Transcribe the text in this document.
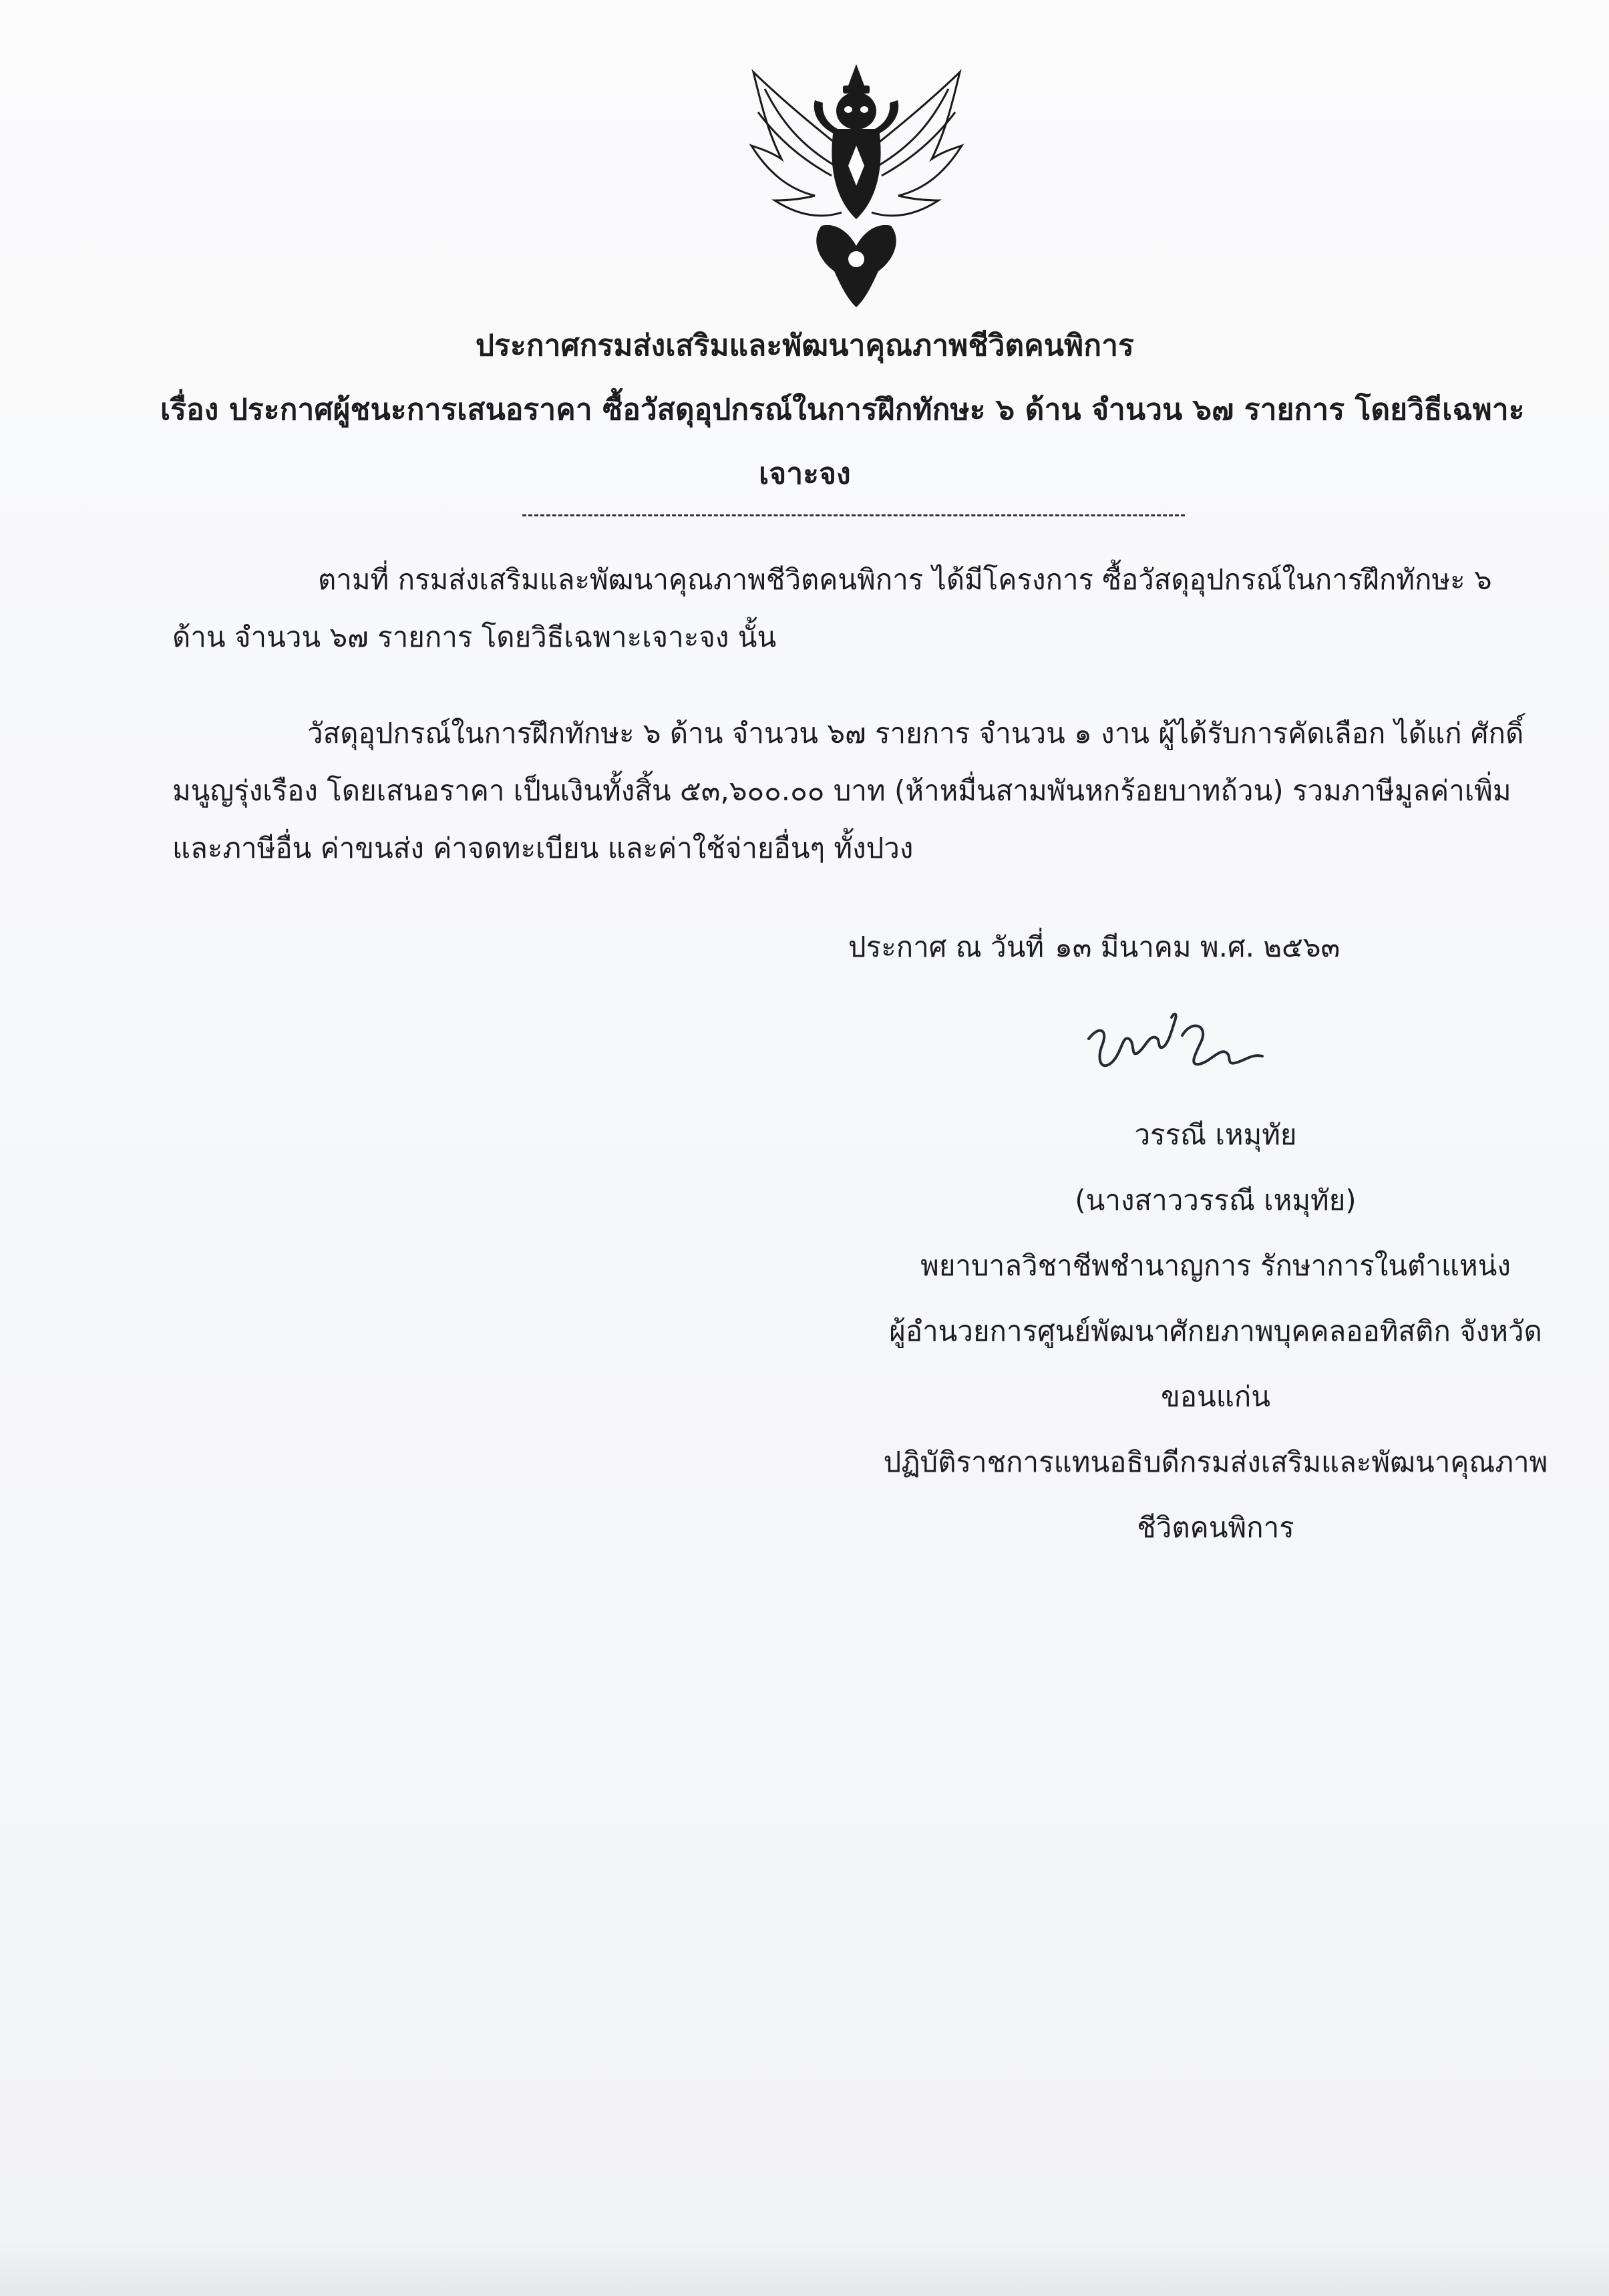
ประกาศกรมส่งเสริมและพัฒนาคุณภาพชีวิตคนพิการ
เรื่อง ประกาศผู้ชนะการเสนอราคา ซื้อวัสดุอุปกรณ์ในการฝึกทักษะ ๖ ด้าน จำนวน ๖๗ รายการ โดยวิธีเฉพาะ
เจาะจง
ตามที่ กรมส่งเสริมและพัฒนาคุณภาพชีวิตคนพิการ ได้มีโครงการ ซื้อวัสดุอุปกรณ์ในการฝึกทักษะ ๖
ด้าน จำนวน ๖๗ รายการ โดยวิธีเฉพาะเจาะจง นั้น
วัสดุอุปกรณ์ในการฝึกทักษะ ๖ ด้าน จำนวน ๖๗ รายการ จำนวน ๑ งาน ผู้ได้รับการคัดเลือก ได้แก่ ศักดิ์
มนูญรุ่งเรือง โดยเสนอราคา เป็นเงินทั้งสิ้น ๕๓,๖๐๐.๐๐ บาท (ห้าหมื่นสามพันหกร้อยบาทถ้วน) รวมภาษีมูลค่าเพิ่ม
และภาษีอื่น ค่าขนส่ง ค่าจดทะเบียน และค่าใช้จ่ายอื่นๆ ทั้งปวง
ประกาศ ณ วันที่ ๑๓ มีนาคม พ.ศ. ๒๕๖๓
วรรณี เหมุทัย
(นางสาววรรณี เหมุทัย)
พยาบาลวิชาชีพชำนาญการ รักษาการในตำแหน่ง
ผู้อำนวยการศูนย์พัฒนาศักยภาพบุคคลออทิสติก จังหวัด
ขอนแก่น
ปฏิบัติราชการแทนอธิบดีกรมส่งเสริมและพัฒนาคุณภาพ
ชีวิตคนพิการ
